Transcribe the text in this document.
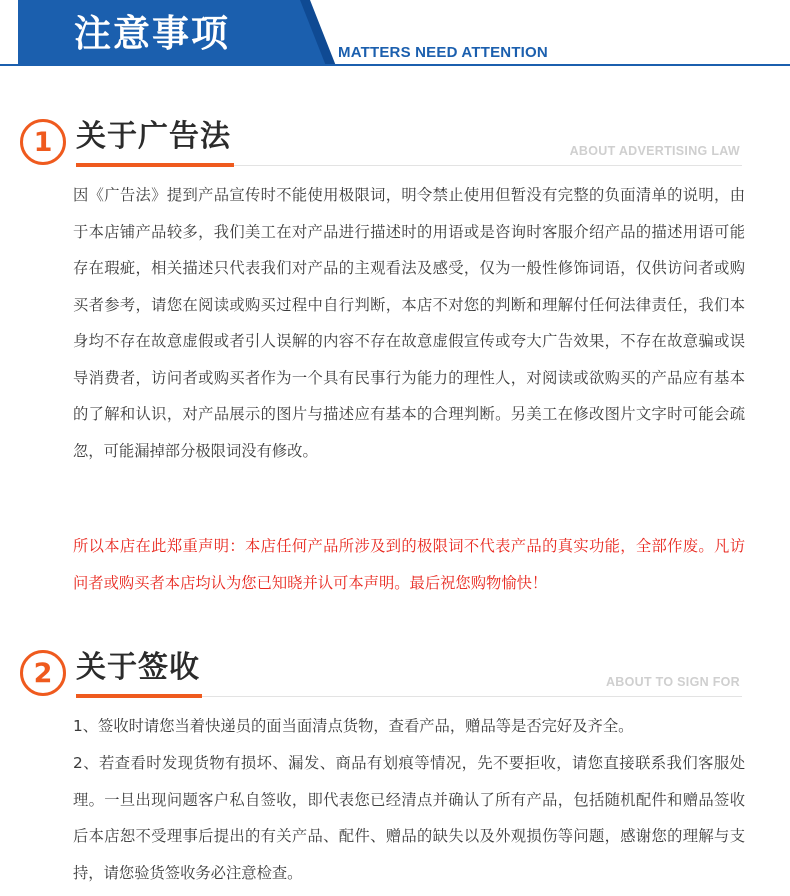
注意事项	MATTERS NEED ATTENTION
1 关于广告法	ABOUT ADVERTISING LAW

因《广告法》提到产品宣传时不能使用极限词，明令禁止使用但暂没有完整的负面清单的说明，由于本店铺产品较多，我们美工在对产品进行描述时的用语或是咨询时客服介绍产品的描述用语可能存在瑕疵，相关描述只代表我们对产品的主观看法及感受，仅为一般性修饰词语，仅供访问者或购买者参考，请您在阅读或购买过程中自行判断，本店不对您的判断和理解付任何法律责任，我们本身均不存在故意虚假或者引人误解的内容不存在故意虚假宣传或夸大广告效果，不存在故意骗或误导消费者，访问者或购买者作为一个具有民事行为能力的理性人，对阅读或欲购买的产品应有基本的了解和认识，对产品展示的图片与描述应有基本的合理判断。另美工在修改图片文字时可能会疏忽，可能漏掉部分极限词没有修改。

所以本店在此郑重声明：本店任何产品所涉及到的极限词不代表产品的真实功能，全部作废。凡访问者或购买者本店均认为您已知晓并认可本声明。最后祝您购物愉快！

2 关于签收	ABOUT TO SIGN FOR

1、签收时请您当着快递员的面当面清点货物，查看产品，赠品等是否完好及齐全。

2、若查看时发现货物有损坏、漏发、商品有划痕等情况，先不要拒收，请您直接联系我们客服处理。一旦出现问题客户私自签收，即代表您已经清点并确认了所有产品，包括随机配件和赠品签收后本店恕不受理事后提出的有关产品、配件、赠品的缺失以及外观损伤等问题，感谢您的理解与支持，请您验货签收务必注意检查。
